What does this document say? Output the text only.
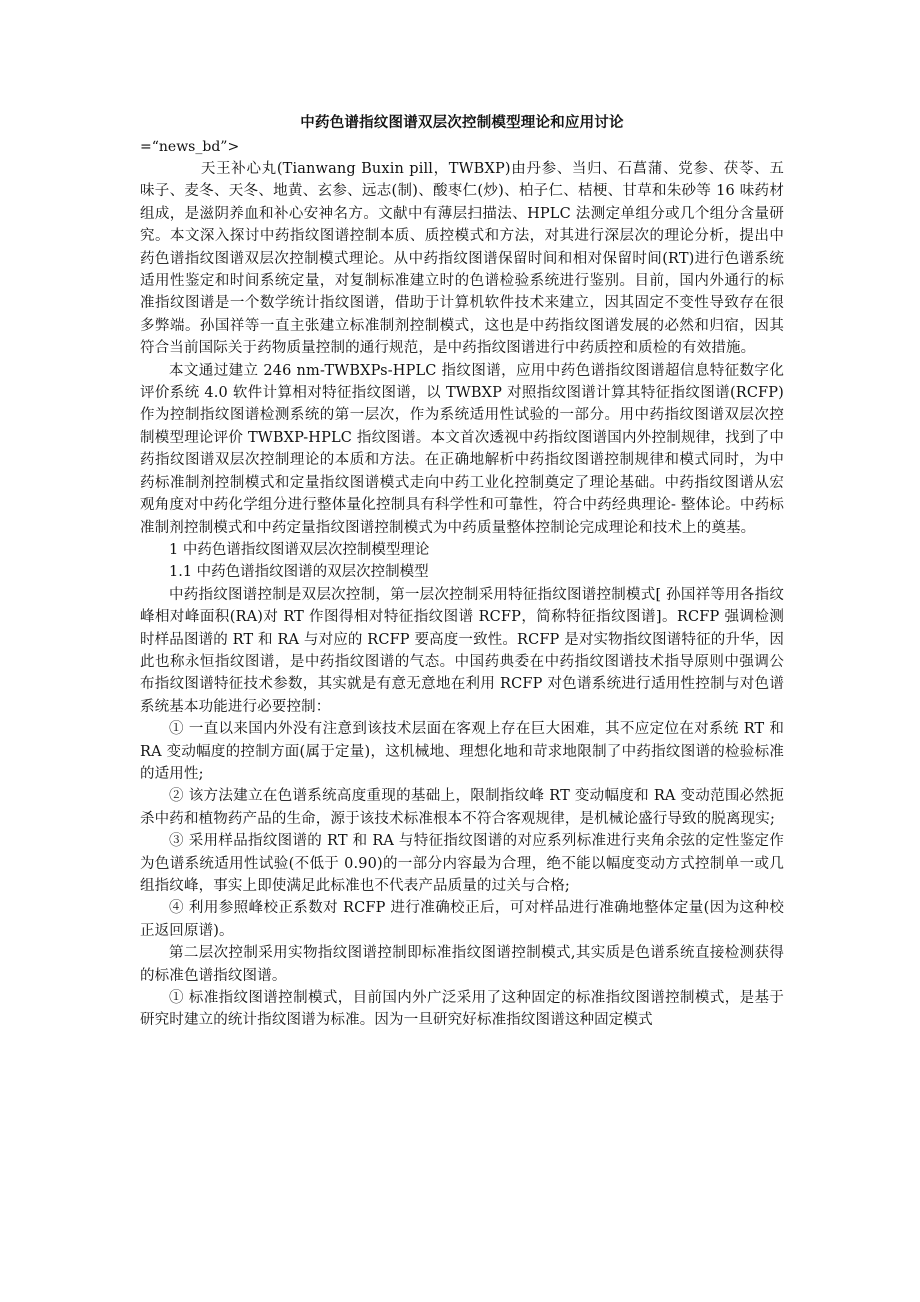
中药色谱指纹图谱双层次控制模型理论和应用讨论

=“news_bd”>

天王补心丸(Tianwang Buxin pill，TWBXP)由丹参、当归、石菖蒲、党参、茯苓、五味子、麦冬、天冬、地黄、玄参、远志(制)、酸枣仁(炒)、柏子仁、桔梗、甘草和朱砂等 16 味药材组成，是滋阴养血和补心安神名方。文献中有薄层扫描法、HPLC 法测定单组分或几个组分含量研究。本文深入探讨中药指纹图谱控制本质、质控模式和方法，对其进行深层次的理论分析，提出中药色谱指纹图谱双层次控制模式理论。从中药指纹图谱保留时间和相对保留时间(RT)进行色谱系统适用性鉴定和时间系统定量，对复制标准建立时的色谱检验系统进行鉴别。目前，国内外通行的标准指纹图谱是一个数学统计指纹图谱，借助于计算机软件技术来建立，因其固定不变性导致存在很多弊端。孙国祥等一直主张建立标准制剂控制模式，这也是中药指纹图谱发展的必然和归宿，因其符合当前国际关于药物质量控制的通行规范，是中药指纹图谱进行中药质控和质检的有效措施。

本文通过建立 246 nm-TWBXPs-HPLC 指纹图谱，应用中药色谱指纹图谱超信息特征数字化评价系统 4.0 软件计算相对特征指纹图谱，以 TWBXP 对照指纹图谱计算其特征指纹图谱(RCFP)作为控制指纹图谱检测系统的第一层次，作为系统适用性试验的一部分。用中药指纹图谱双层次控制模型理论评价 TWBXP-HPLC 指纹图谱。本文首次透视中药指纹图谱国内外控制规律，找到了中药指纹图谱双层次控制理论的本质和方法。在正确地解析中药指纹图谱控制规律和模式同时，为中药标准制剂控制模式和定量指纹图谱模式走向中药工业化控制奠定了理论基础。中药指纹图谱从宏观角度对中药化学组分进行整体量化控制具有科学性和可靠性，符合中药经典理论- 整体论。中药标准制剂控制模式和中药定量指纹图谱控制模式为中药质量整体控制论完成理论和技术上的奠基。

1 中药色谱指纹图谱双层次控制模型理论

1.1 中药色谱指纹图谱的双层次控制模型

中药指纹图谱控制是双层次控制，第一层次控制采用特征指纹图谱控制模式[ 孙国祥等用各指纹峰相对峰面积(RA)对 RT 作图得相对特征指纹图谱 RCFP，简称特征指纹图谱]。RCFP 强调检测时样品图谱的 RT 和 RA 与对应的 RCFP 要高度一致性。RCFP 是对实物指纹图谱特征的升华，因此也称永恒指纹图谱，是中药指纹图谱的气态。中国药典委在中药指纹图谱技术指导原则中强调公布指纹图谱特征技术参数，其实就是有意无意地在利用 RCFP 对色谱系统进行适用性控制与对色谱系统基本功能进行必要控制：

① 一直以来国内外没有注意到该技术层面在客观上存在巨大困难，其不应定位在对系统 RT 和 RA 变动幅度的控制方面(属于定量)，这机械地、理想化地和苛求地限制了中药指纹图谱的检验标准的适用性;

② 该方法建立在色谱系统高度重现的基础上，限制指纹峰 RT 变动幅度和 RA 变动范围必然扼杀中药和植物药产品的生命，源于该技术标准根本不符合客观规律，是机械论盛行导致的脱离现实;

③ 采用样品指纹图谱的 RT 和 RA 与特征指纹图谱的对应系列标准进行夹角余弦的定性鉴定作为色谱系统适用性试验(不低于 0.90)的一部分内容最为合理，绝不能以幅度变动方式控制单一或几组指纹峰，事实上即使满足此标准也不代表产品质量的过关与合格;

④ 利用参照峰校正系数对 RCFP 进行准确校正后，可对样品进行准确地整体定量(因为这种校正返回原谱)。

第二层次控制采用实物指纹图谱控制即标准指纹图谱控制模式,其实质是色谱系统直接检测获得的标准色谱指纹图谱。

① 标准指纹图谱控制模式，目前国内外广泛采用了这种固定的标准指纹图谱控制模式，是基于研究时建立的统计指纹图谱为标准。因为一旦研究好标准指纹图谱这种固定模式
